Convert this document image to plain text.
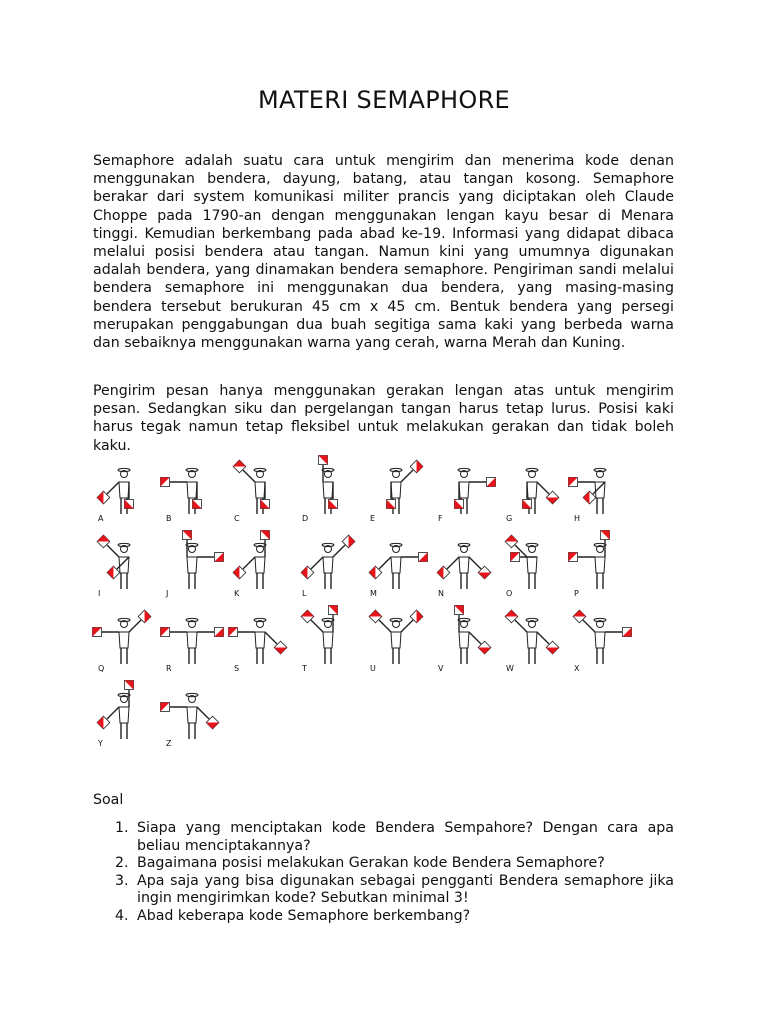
MATERI SEMAPHORE

Semaphore adalah suatu cara untuk mengirim dan menerima kode denan menggunakan bendera, dayung, batang, atau tangan kosong. Semaphore berakar dari system komunikasi militer prancis yang diciptakan oleh Claude Choppe pada 1790-an dengan menggunakan lengan kayu besar di Menara tinggi. Kemudian berkembang pada abad ke-19. Informasi yang didapat dibaca melalui posisi bendera atau tangan. Namun kini yang umumnya digunakan adalah bendera, yang dinamakan bendera semaphore. Pengiriman sandi melalui bendera semaphore ini menggunakan dua bendera, yang masing-masing bendera tersebut berukuran 45 cm x 45 cm. Bentuk bendera yang persegi merupakan penggabungan dua buah segitiga sama kaki yang berbeda warna dan sebaiknya menggunakan warna yang cerah, warna Merah dan Kuning.

Pengirim pesan hanya menggunakan gerakan lengan atas untuk mengirim pesan. Sedangkan siku dan pergelangan tangan harus tetap lurus. Posisi kaki harus tegak namun tetap fleksibel untuk melakukan gerakan dan tidak boleh kaku.

A	B	C	D	E	F	G	H
I	J	K	L	M	N	O	P
Q	R	S	T	U	V	W	X
Y	Z
Soal
1. Siapa yang menciptakan kode Bendera Sempahore? Dengan cara apa beliau menciptakannya?
2. Bagaimana posisi melakukan Gerakan kode Bendera Semaphore?
3. Apa saja yang bisa digunakan sebagai pengganti Bendera semaphore jika ingin mengirimkan kode? Sebutkan minimal 3!
4. Abad keberapa kode Semaphore berkembang?
